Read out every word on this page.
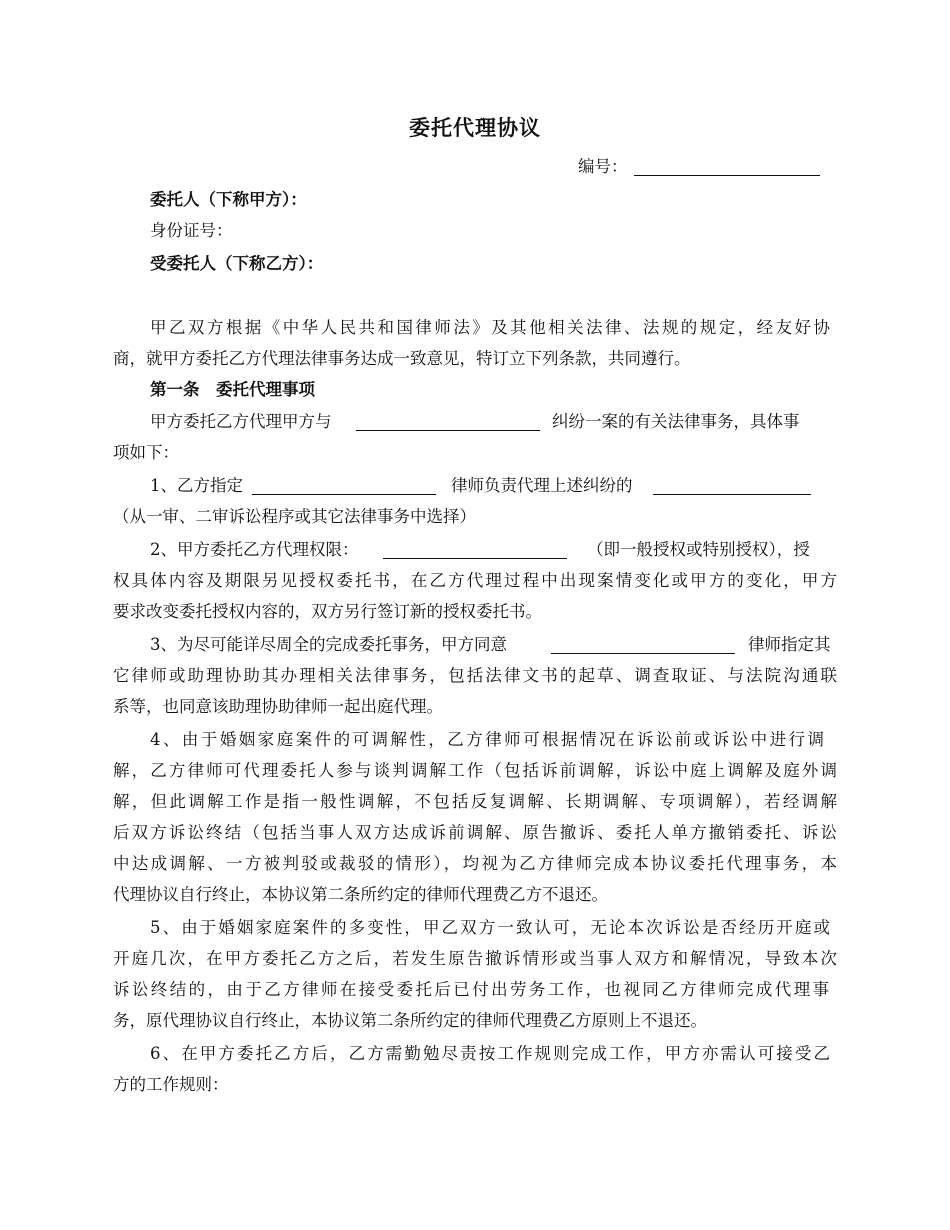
委托代理协议
编号：
委托人（下称甲方）：
身份证号：
受委托人（下称乙方）：
甲乙双方根据《中华人民共和国律师法》及其他相关法律、法规的规定，经友好协
商，就甲方委托乙方代理法律事务达成一致意见，特订立下列条款，共同遵行。
第一条　委托代理事项
甲方委托乙方代理甲方与	纠纷一案的有关法律事务，具体事
项如下：
1、乙方指定	律师负责代理上述纠纷的
（从一审、二审诉讼程序或其它法律事务中选择）
2、甲方委托乙方代理权限：	（即一般授权或特别授权），授
权具体内容及期限另见授权委托书，在乙方代理过程中出现案情变化或甲方的变化，甲方
要求改变委托授权内容的，双方另行签订新的授权委托书。
3、为尽可能详尽周全的完成委托事务，甲方同意	律师指定其
它律师或助理协助其办理相关法律事务，包括法律文书的起草、调查取证、与法院沟通联
系等，也同意该助理协助律师一起出庭代理。
4、由于婚姻家庭案件的可调解性，乙方律师可根据情况在诉讼前或诉讼中进行调
解，乙方律师可代理委托人参与谈判调解工作（包括诉前调解，诉讼中庭上调解及庭外调
解，但此调解工作是指一般性调解，不包括反复调解、长期调解、专项调解），若经调解
后双方诉讼终结（包括当事人双方达成诉前调解、原告撤诉、委托人单方撤销委托、诉讼
中达成调解、一方被判驳或裁驳的情形），均视为乙方律师完成本协议委托代理事务，本
代理协议自行终止，本协议第二条所约定的律师代理费乙方不退还。
5、由于婚姻家庭案件的多变性，甲乙双方一致认可，无论本次诉讼是否经历开庭或
开庭几次，在甲方委托乙方之后，若发生原告撤诉情形或当事人双方和解情况，导致本次
诉讼终结的，由于乙方律师在接受委托后已付出劳务工作，也视同乙方律师完成代理事
务，原代理协议自行终止，本协议第二条所约定的律师代理费乙方原则上不退还。
6、在甲方委托乙方后，乙方需勤勉尽责按工作规则完成工作，甲方亦需认可接受乙
方的工作规则：
